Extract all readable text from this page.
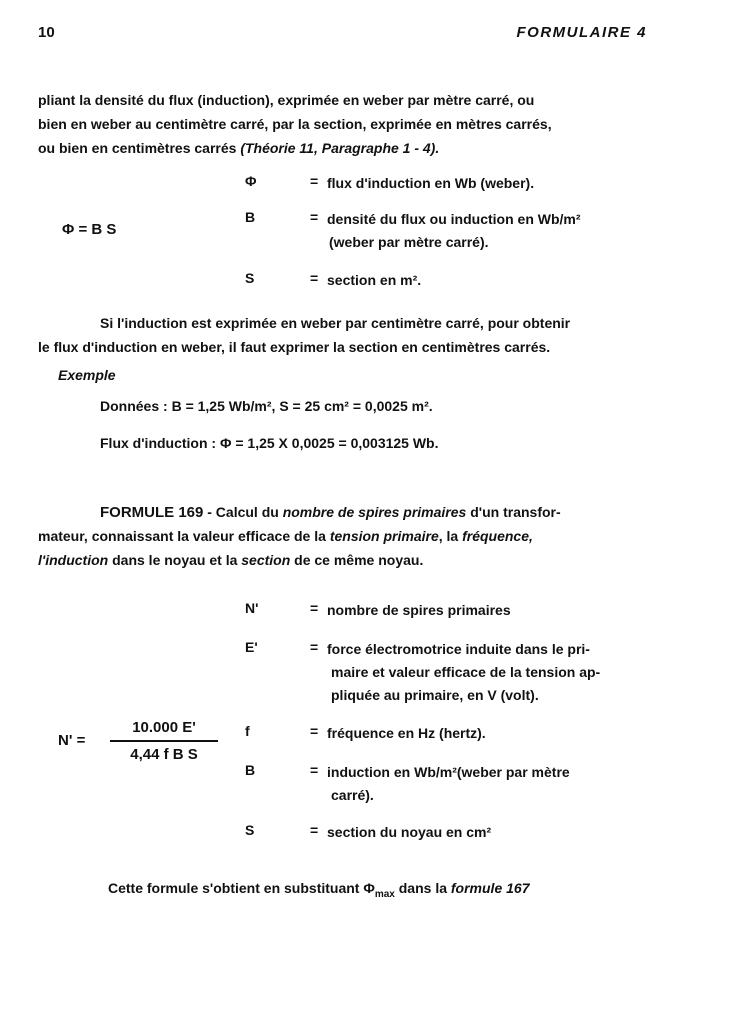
10	FORMULAIRE 4
pliant la densité du flux (induction), exprimée en weber par mètre carré, ou
bien en weber au centimètre carré, par la section, exprimée en mètres carrés,
ou bien en centimètres carrés (Théorie 11, Paragraphe 1 - 4).
Φ = B S
Φ	= flux d'induction en Wb (weber).
B	= densité du flux ou induction en Wb/m²
(weber par mètre carré).
S	= section en m².
Si l'induction est exprimée en weber par centimètre carré, pour obtenir
le flux d'induction en weber, il faut exprimer la section en centimètres carrés.
Exemple
Données : B = 1,25 Wb/m², S = 25 cm² = 0,0025 m².
Flux d'induction : Φ = 1,25 X 0,0025 = 0,003125 Wb.
FORMULE 169 - Calcul du nombre de spires primaires d'un transfor-
mateur, connaissant la valeur efficace de la tension primaire, la fréquence,
l'induction dans le noyau et la section de ce même noyau.
N' =
10.000 E'
4,44 f B S
N'	= nombre de spires primaires
E'	= force électromotrice induite dans le pri-
maire et valeur efficace de la tension ap-
pliquée au primaire, en V (volt).
f	= fréquence en Hz (hertz).
B	= induction en Wb/m²(weber par mètre
carré).
S	= section du noyau en cm²
Cette formule s'obtient en substituant $\Phi_{max}$ dans la formule 167
